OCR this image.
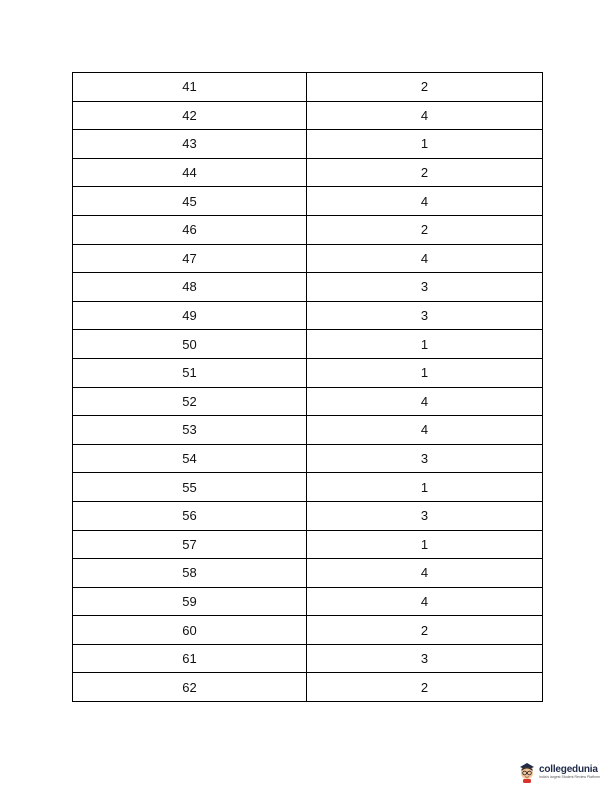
41	2
42	4
43	1
44	2
45	4
46	2
47	4
48	3
49	3
50	1
51	1
52	4
53	4
54	3
55	1
56	3
57	1
58	4
59	4
60	2
61	3
62	2
collegedunia
India's largest Student Review Platform
